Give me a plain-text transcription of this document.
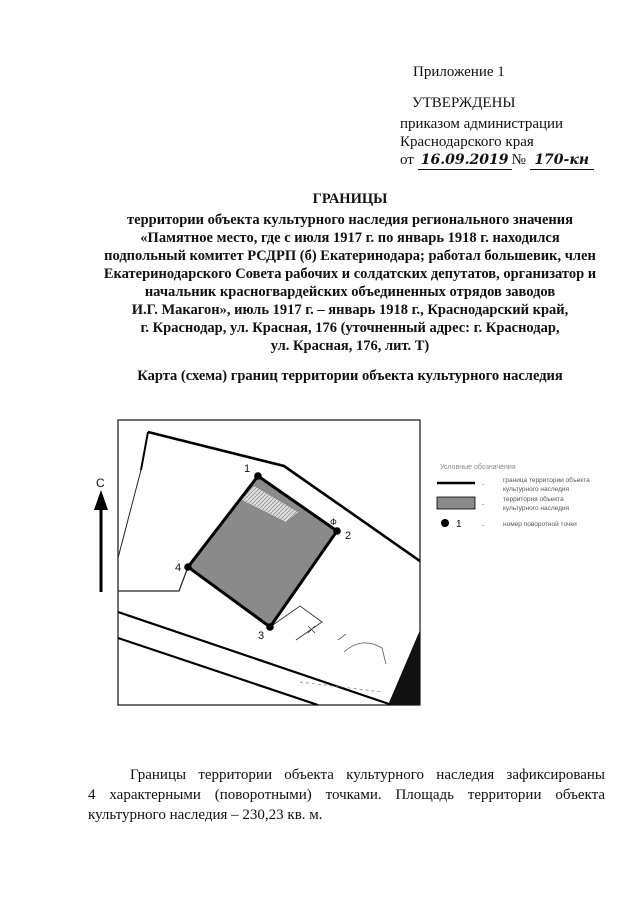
Приложение 1
УТВЕРЖДЕНЫ
приказом администрации
Краснодарского края
от 16.09.2019 № 170-кн
ГРАНИЦЫ
территории объекта культурного наследия регионального значения
«Памятное место, где с июля 1917 г. по январь 1918 г. находился
подпольный комитет РСДРП (б) Екатеринодара; работал большевик, член
Екатеринодарского Совета рабочих и солдатских депутатов, организатор и
начальник красногвардейских объединенных отрядов заводов
И.Г. Макагон», июль 1917 г. – январь 1918 г., Краснодарский край,
г. Краснодар, ул. Красная, 176 (уточненный адрес: г. Краснодар,
ул. Красная, 176, лит. Т)
Карта (схема) границ территории объекта культурного наследия
С
1
2
3
4
Ф
Условные обозначения
-
граница территории объекта
культурного наследия
-
территория объекта
культурного наследия
1	-	номер поворотной точки
Границы территории объекта культурного наследия зафиксированы
4 характерными (поворотными) точками. Площадь территории объекта
культурного наследия – 230,23 кв. м.
